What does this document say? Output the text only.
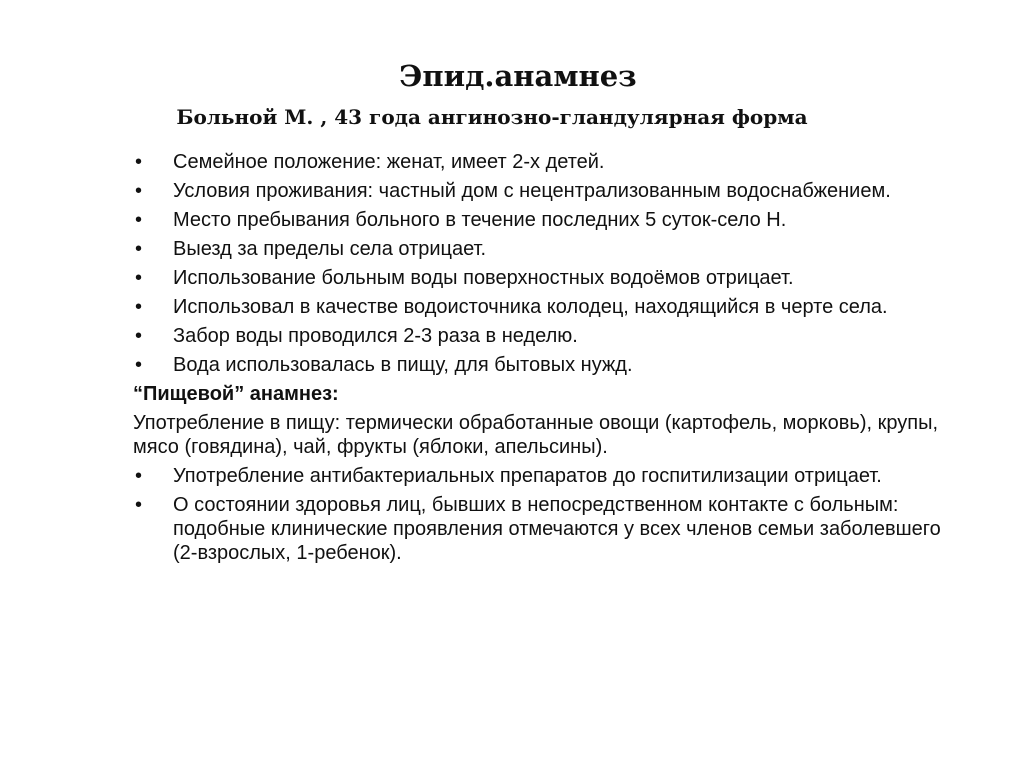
Эпид.анамнез
Больной М. , 43 года ангинозно-гландулярная форма
•
Семейное положение: женат, имеет 2-х детей.
•
Условия проживания: частный дом с нецентрализованным водоснабжением.
•
Место пребывания больного в течение последних 5 суток-село Н.
•
Выезд за пределы села отрицает.
•
Использование больным воды поверхностных водоёмов отрицает.
•
Использовал в качестве водоисточника колодец, находящийся в черте села.
•
Забор воды проводился 2-3 раза в неделю.
•
Вода использовалась в пищу, для бытовых нужд.
“Пищевой” анамнез:
Употребление в пищу: термически обработанные овощи (картофель, морковь), крупы, мясо (говядина), чай, фрукты (яблоки, апельсины).
•
Употребление антибактериальных препаратов до госпитилизации отрицает.
•
О состоянии здоровья лиц, бывших в непосредственном контакте с больным: подобные клинические проявления отмечаются у всех членов семьи заболевшего (2-взрослых, 1-ребенок).
